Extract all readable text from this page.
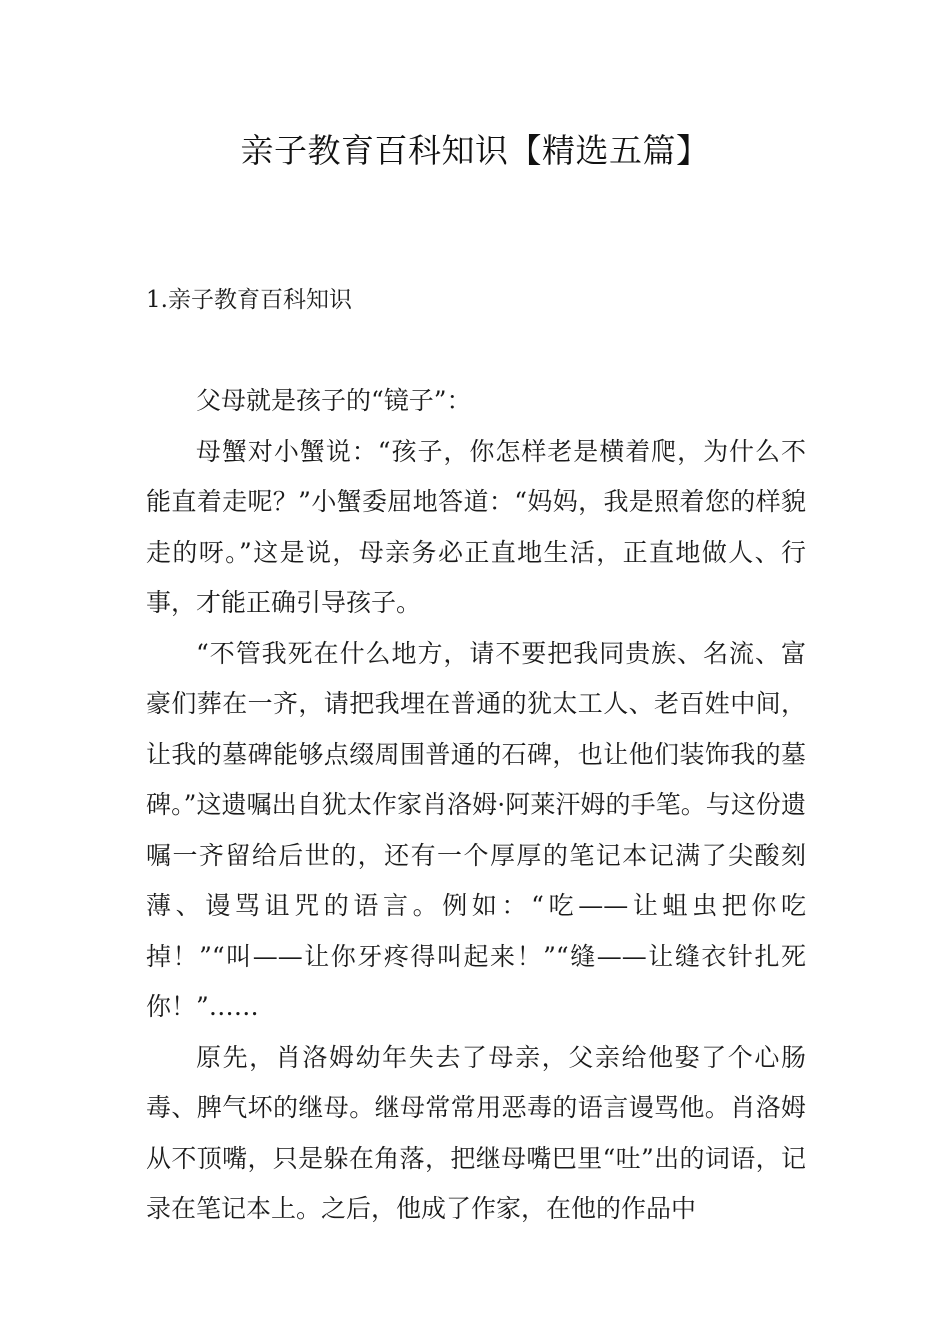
亲子教育百科知识【精选五篇】
1.亲子教育百科知识

父母就是孩子的“镜子”：

母蟹对小蟹说：“孩子，你怎样老是横着爬，为什么不能直着走呢？”小蟹委屈地答道：“妈妈，我是照着您的样貌走的呀。”这是说，母亲务必正直地生活，正直地做人、行事，才能正确引导孩子。

“不管我死在什么地方，请不要把我同贵族、名流、富豪们葬在一齐，请把我埋在普通的犹太工人、老百姓中间，让我的墓碑能够点缀周围普通的石碑，也让他们装饰我的墓碑。”这遗嘱出自犹太作家肖洛姆·阿莱汗姆的手笔。与这份遗嘱一齐留给后世的，还有一个厚厚的笔记本记满了尖酸刻薄、谩骂诅咒的语言。例如：“吃——让蛆虫把你吃掉！”“叫——让你牙疼得叫起来！”“缝——让缝衣针扎死你！”……

原先，肖洛姆幼年失去了母亲，父亲给他娶了个心肠毒、脾气坏的继母。继母常常用恶毒的语言谩骂他。肖洛姆从不顶嘴，只是躲在角落，把继母嘴巴里“吐”出的词语，记录在笔记本上。之后，他成了作家，在他的作品中
